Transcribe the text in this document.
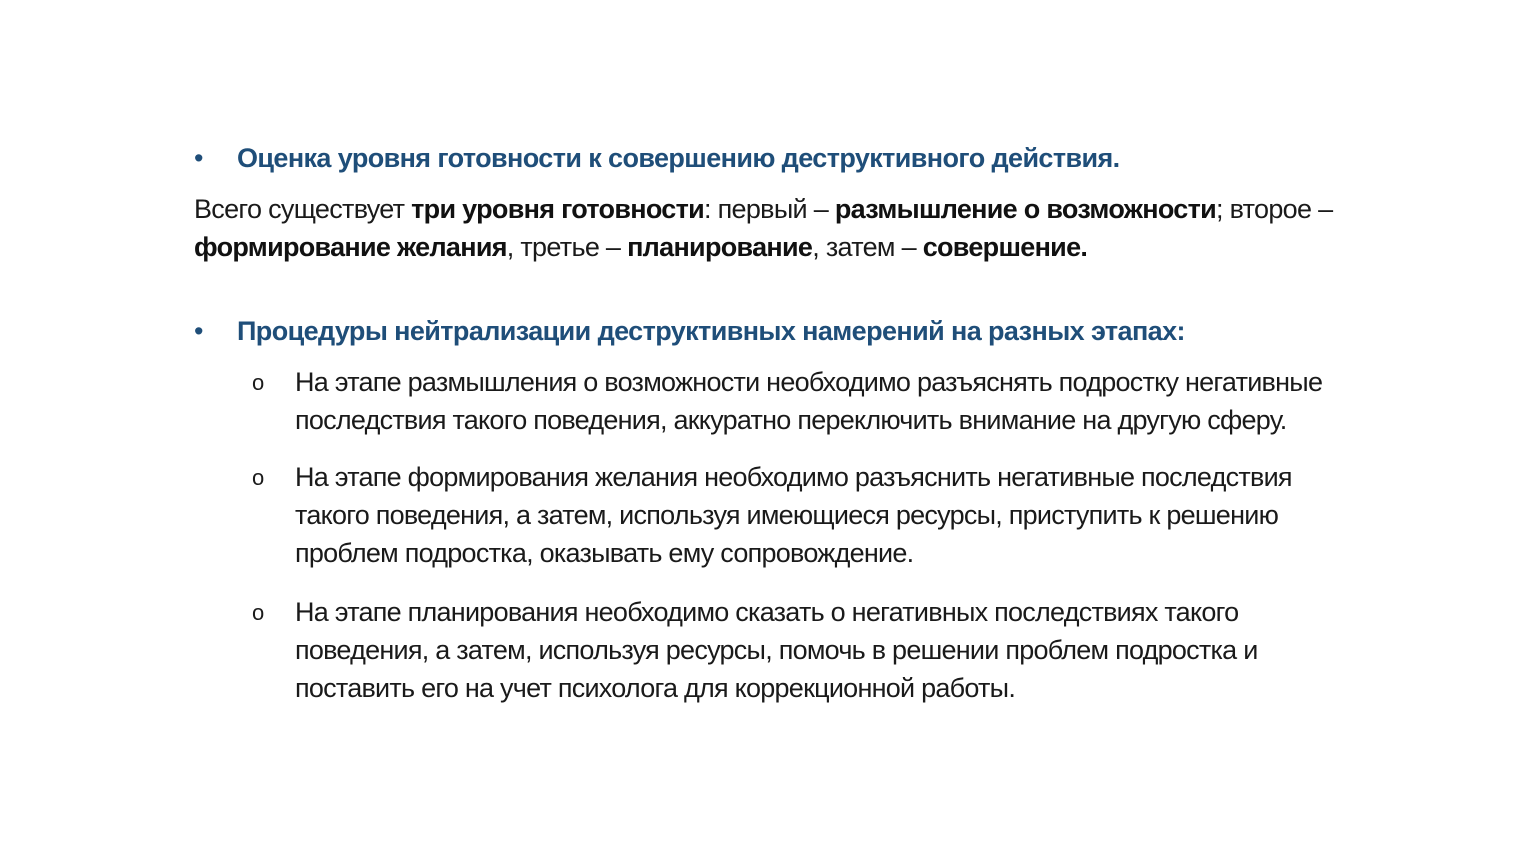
•	Оценка уровня готовности к совершению деструктивного действия.
Всего существует три уровня готовности: первый – размышление о возможности; второе – формирование желания, третье – планирование, затем – совершение.
•	Процедуры нейтрализации деструктивных намерений на разных этапах:
o	На этапе размышления о возможности необходимо разъяснять подростку негативные последствия такого поведения, аккуратно переключить внимание на другую сферу.
o	На этапе формирования желания необходимо разъяснить негативные последствия такого поведения, а затем, используя имеющиеся ресурсы, приступить к решению проблем подростка, оказывать ему сопровождение.
o	На этапе планирования необходимо сказать о негативных последствиях такого поведения, а затем, используя ресурсы, помочь в решении проблем подростка и поставить его на учет психолога для коррекционной работы.
